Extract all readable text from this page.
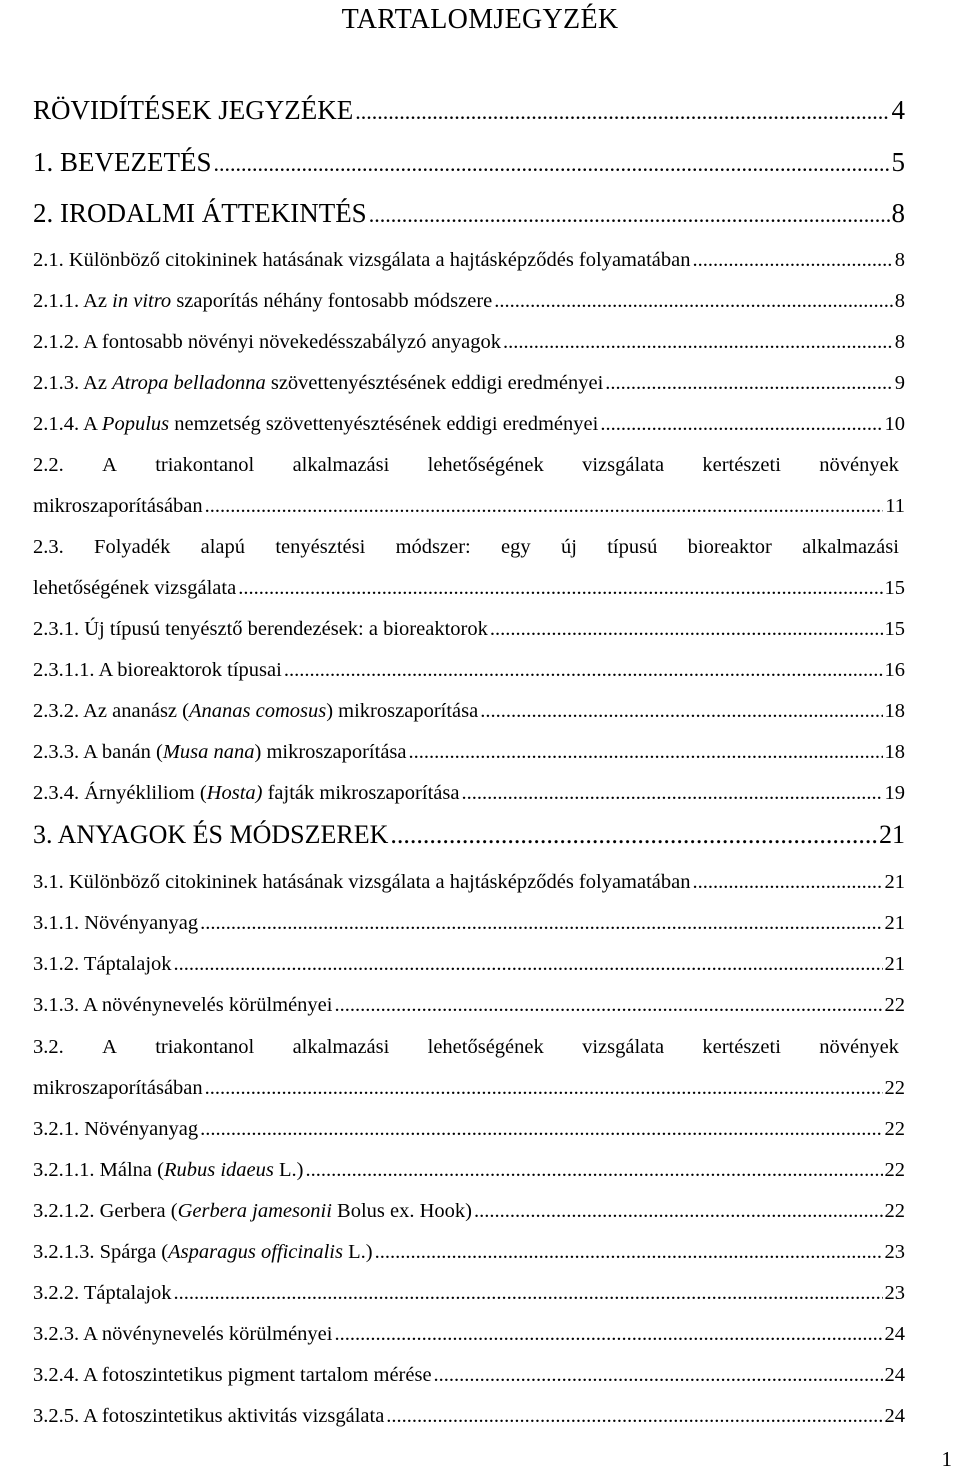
TARTALOMJEGYZÉK
RÖVIDÍTÉSEK JEGYZÉKE .....	4
1. BEVEZETÉS .....	5
2. IRODALMI ÁTTEKINTÉS .....	8
2.1. Különböző citokininek hatásának vizsgálata a hajtásképződés folyamatában .....	8
2.1.1. Az in vitro szaporítás néhány fontosabb módszere .....	8
2.1.2. A fontosabb növényi növekedésszabályzó anyagok .....	8
2.1.3. Az Atropa belladonna szövettenyésztésének eddigi eredményei .....	9
2.1.4. A Populus nemzetség szövettenyésztésének eddigi eredményei .....	10
2.2. A triakontanol alkalmazási lehetőségének vizsgálata kertészeti növények
mikroszaporításában .....	11
2.3. Folyadék alapú tenyésztési módszer: egy új típusú bioreaktor alkalmazási
lehetőségének vizsgálata .....	15
2.3.1. Új típusú tenyésztő berendezések: a bioreaktorok .....	15
2.3.1.1. A bioreaktorok típusai .....	16
2.3.2. Az ananász (Ananas comosus) mikroszaporítása .....	18
2.3.3. A banán (Musa nana) mikroszaporítása .....	18
2.3.4. Árnyékliliom (Hosta) fajták mikroszaporítása .....	19
3. ANYAGOK ÉS MÓDSZEREK .....	21
3.1. Különböző citokininek hatásának vizsgálata a hajtásképződés folyamatában .....	21
3.1.1. Növényanyag .....	21
3.1.2. Táptalajok .....	21
3.1.3. A növénynevelés körülményei .....	22
3.2. A triakontanol alkalmazási lehetőségének vizsgálata kertészeti növények
mikroszaporításában .....	22
3.2.1. Növényanyag .....	22
3.2.1.1. Málna (Rubus idaeus L.) .....	22
3.2.1.2. Gerbera (Gerbera jamesonii Bolus ex. Hook) .....	22
3.2.1.3. Spárga (Asparagus officinalis L.) .....	23
3.2.2. Táptalajok .....	23
3.2.3. A növénynevelés körülményei .....	24
3.2.4. A fotoszintetikus pigment tartalom mérése .....	24
3.2.5. A fotoszintetikus aktivitás vizsgálata .....	24
1
